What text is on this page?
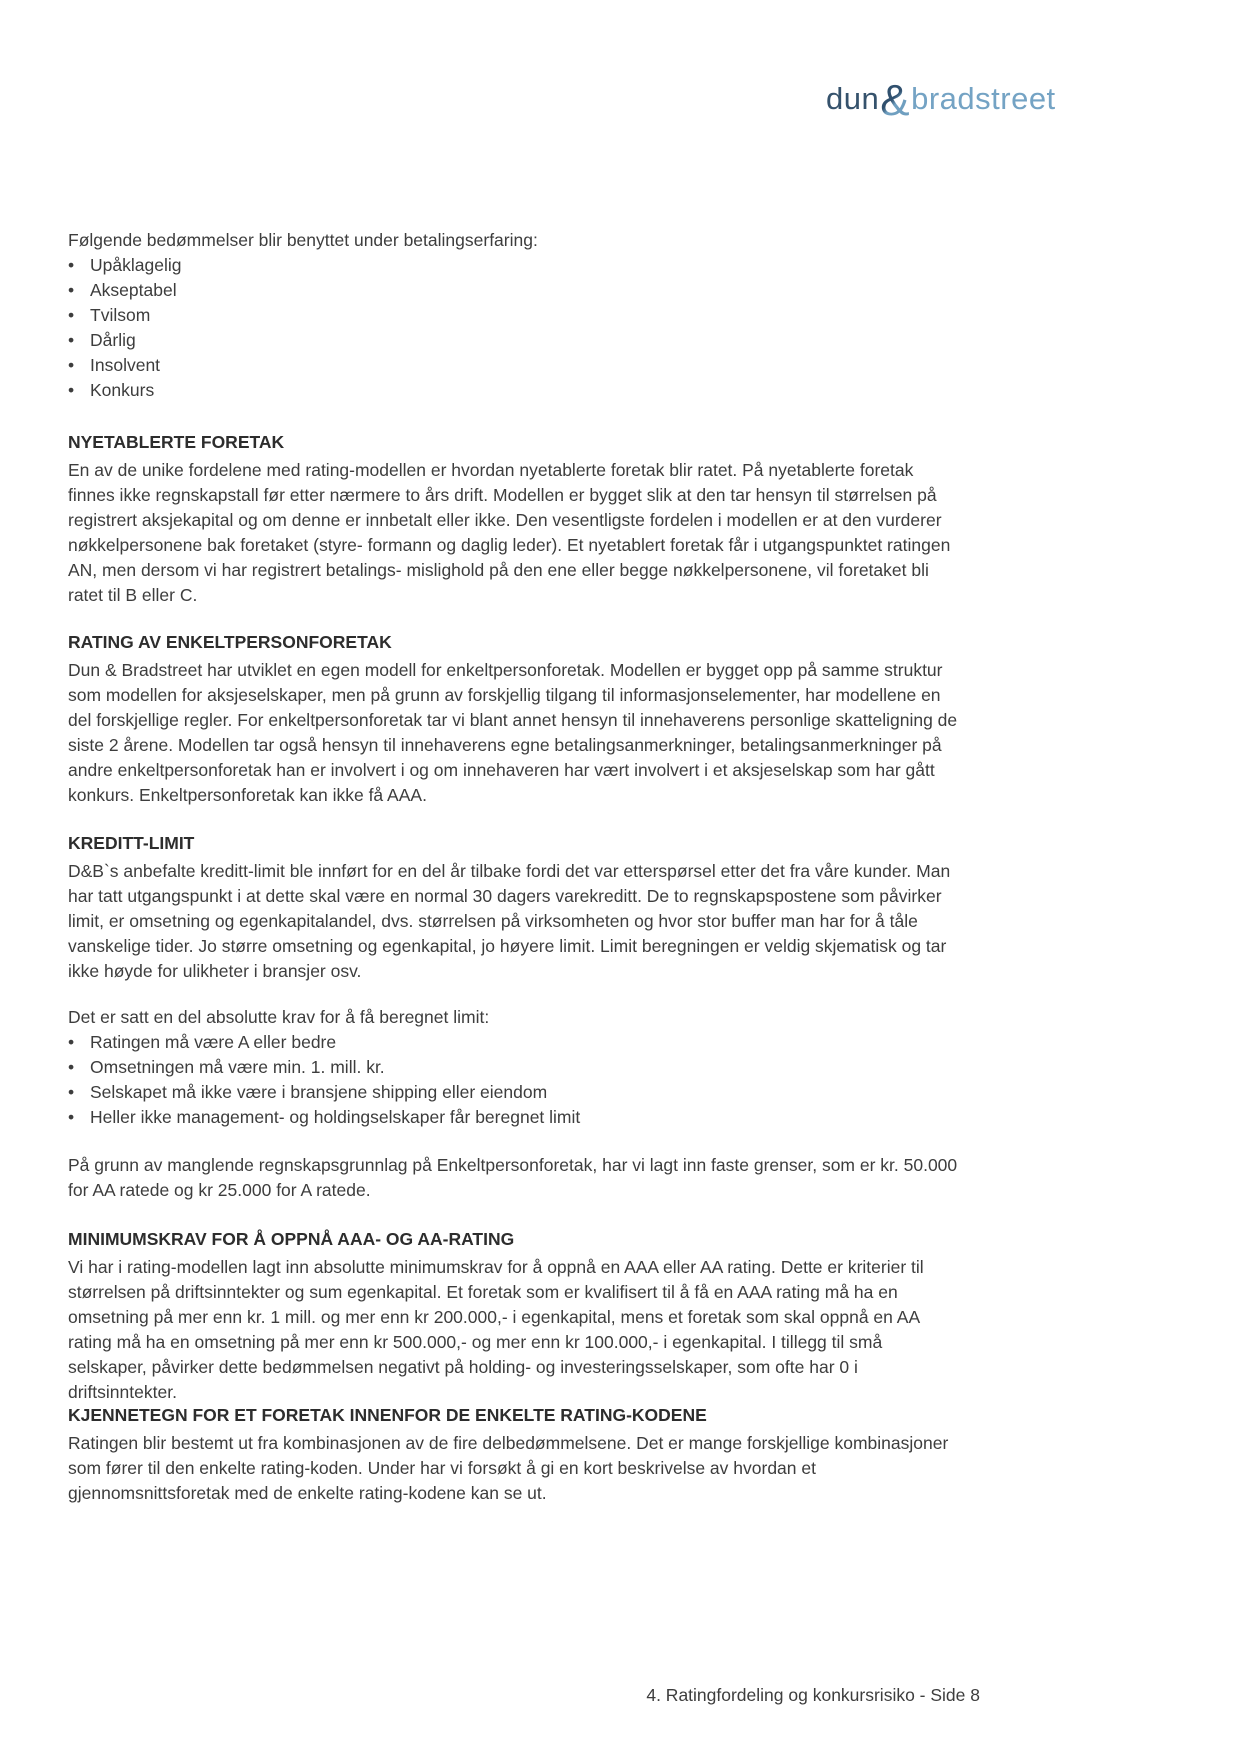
dun&bradstreet

Følgende bedømmelser blir benyttet under betalingserfaring:

• Upåklagelig
• Akseptabel
• Tvilsom
• Dårlig
• Insolvent
• Konkurs
NYETABLERTE FORETAK

En av de unike fordelene med rating-modellen er hvordan nyetablerte foretak blir ratet. På nyetablerte foretak finnes ikke regnskapstall før etter nærmere to års drift. Modellen er bygget slik at den tar hensyn til størrelsen på registrert aksjekapital og om denne er innbetalt eller ikke. Den vesentligste fordelen i modellen er at den vurderer nøkkelpersonene bak foretaket (styre- formann og daglig leder). Et nyetablert foretak får i utgangspunktet ratingen AN, men dersom vi har registrert betalings- mislighold på den ene eller begge nøkkelpersonene, vil foretaket bli ratet til B eller C.

RATING AV ENKELTPERSONFORETAK

Dun & Bradstreet har utviklet en egen modell for enkeltpersonforetak. Modellen er bygget opp på samme struktur som modellen for aksjeselskaper, men på grunn av forskjellig tilgang til informasjonselementer, har modellene en del forskjellige regler. For enkeltpersonforetak tar vi blant annet hensyn til innehaverens personlige skatteligning de siste 2 årene. Modellen tar også hensyn til innehaverens egne betalingsanmerkninger, betalingsanmerkninger på andre enkeltpersonforetak han er involvert i og om innehaveren har vært involvert i et aksjeselskap som har gått konkurs. Enkeltpersonforetak kan ikke få AAA.

KREDITT-LIMIT

D&B`s anbefalte kreditt-limit ble innført for en del år tilbake fordi det var etterspørsel etter det fra våre kunder. Man har tatt utgangspunkt i at dette skal være en normal 30 dagers varekreditt. De to regnskapspostene som påvirker limit, er omsetning og egenkapitalandel, dvs. størrelsen på virksomheten og hvor stor buffer man har for å tåle vanskelige tider. Jo større omsetning og egenkapital, jo høyere limit. Limit beregningen er veldig skjematisk og tar ikke høyde for ulikheter i bransjer osv.

Det er satt en del absolutte krav for å få beregnet limit:

• Ratingen må være A eller bedre
• Omsetningen må være min. 1. mill. kr.
• Selskapet må ikke være i bransjene shipping eller eiendom
• Heller ikke management- og holdingselskaper får beregnet limit

På grunn av manglende regnskapsgrunnlag på Enkeltpersonforetak, har vi lagt inn faste grenser, som er kr. 50.000 for AA ratede og kr 25.000 for A ratede.

MINIMUMSKRAV FOR Å OPPNÅ AAA- OG AA-RATING

Vi har i rating-modellen lagt inn absolutte minimumskrav for å oppnå en AAA eller AA rating. Dette er kriterier til størrelsen på driftsinntekter og sum egenkapital. Et foretak som er kvalifisert til å få en AAA rating må ha en omsetning på mer enn kr. 1 mill. og mer enn kr 200.000,- i egenkapital, mens et foretak som skal oppnå en AA rating må ha en omsetning på mer enn kr 500.000,- og mer enn kr 100.000,- i egenkapital. I tillegg til små selskaper, påvirker dette bedømmelsen negativt på holding- og investeringsselskaper, som ofte har 0 i driftsinntekter.

KJENNETEGN FOR ET FORETAK INNENFOR DE ENKELTE RATING-KODENE

Ratingen blir bestemt ut fra kombinasjonen av de fire delbedømmelsene. Det er mange forskjellige kombinasjoner som fører til den enkelte rating-koden. Under har vi forsøkt å gi en kort beskrivelse av hvordan et gjennomsnittsforetak med de enkelte rating-kodene kan se ut.

4. Ratingfordeling og konkursrisiko - Side 8
